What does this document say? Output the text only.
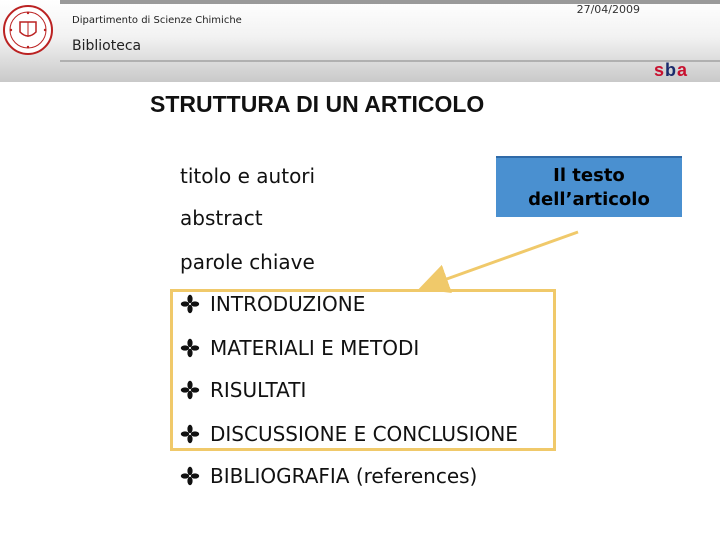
Dipartimento di Scienze Chimiche
27/04/2009
Biblioteca
s b a
STRUTTURA DI UN ARTICOLO
titolo e autori
abstract
parole chiave
Il testo
dell’articolo
INTRODUZIONE
MATERIALI E METODI
RISULTATI
DISCUSSIONE E CONCLUSIONE
BIBLIOGRAFIA (references)
